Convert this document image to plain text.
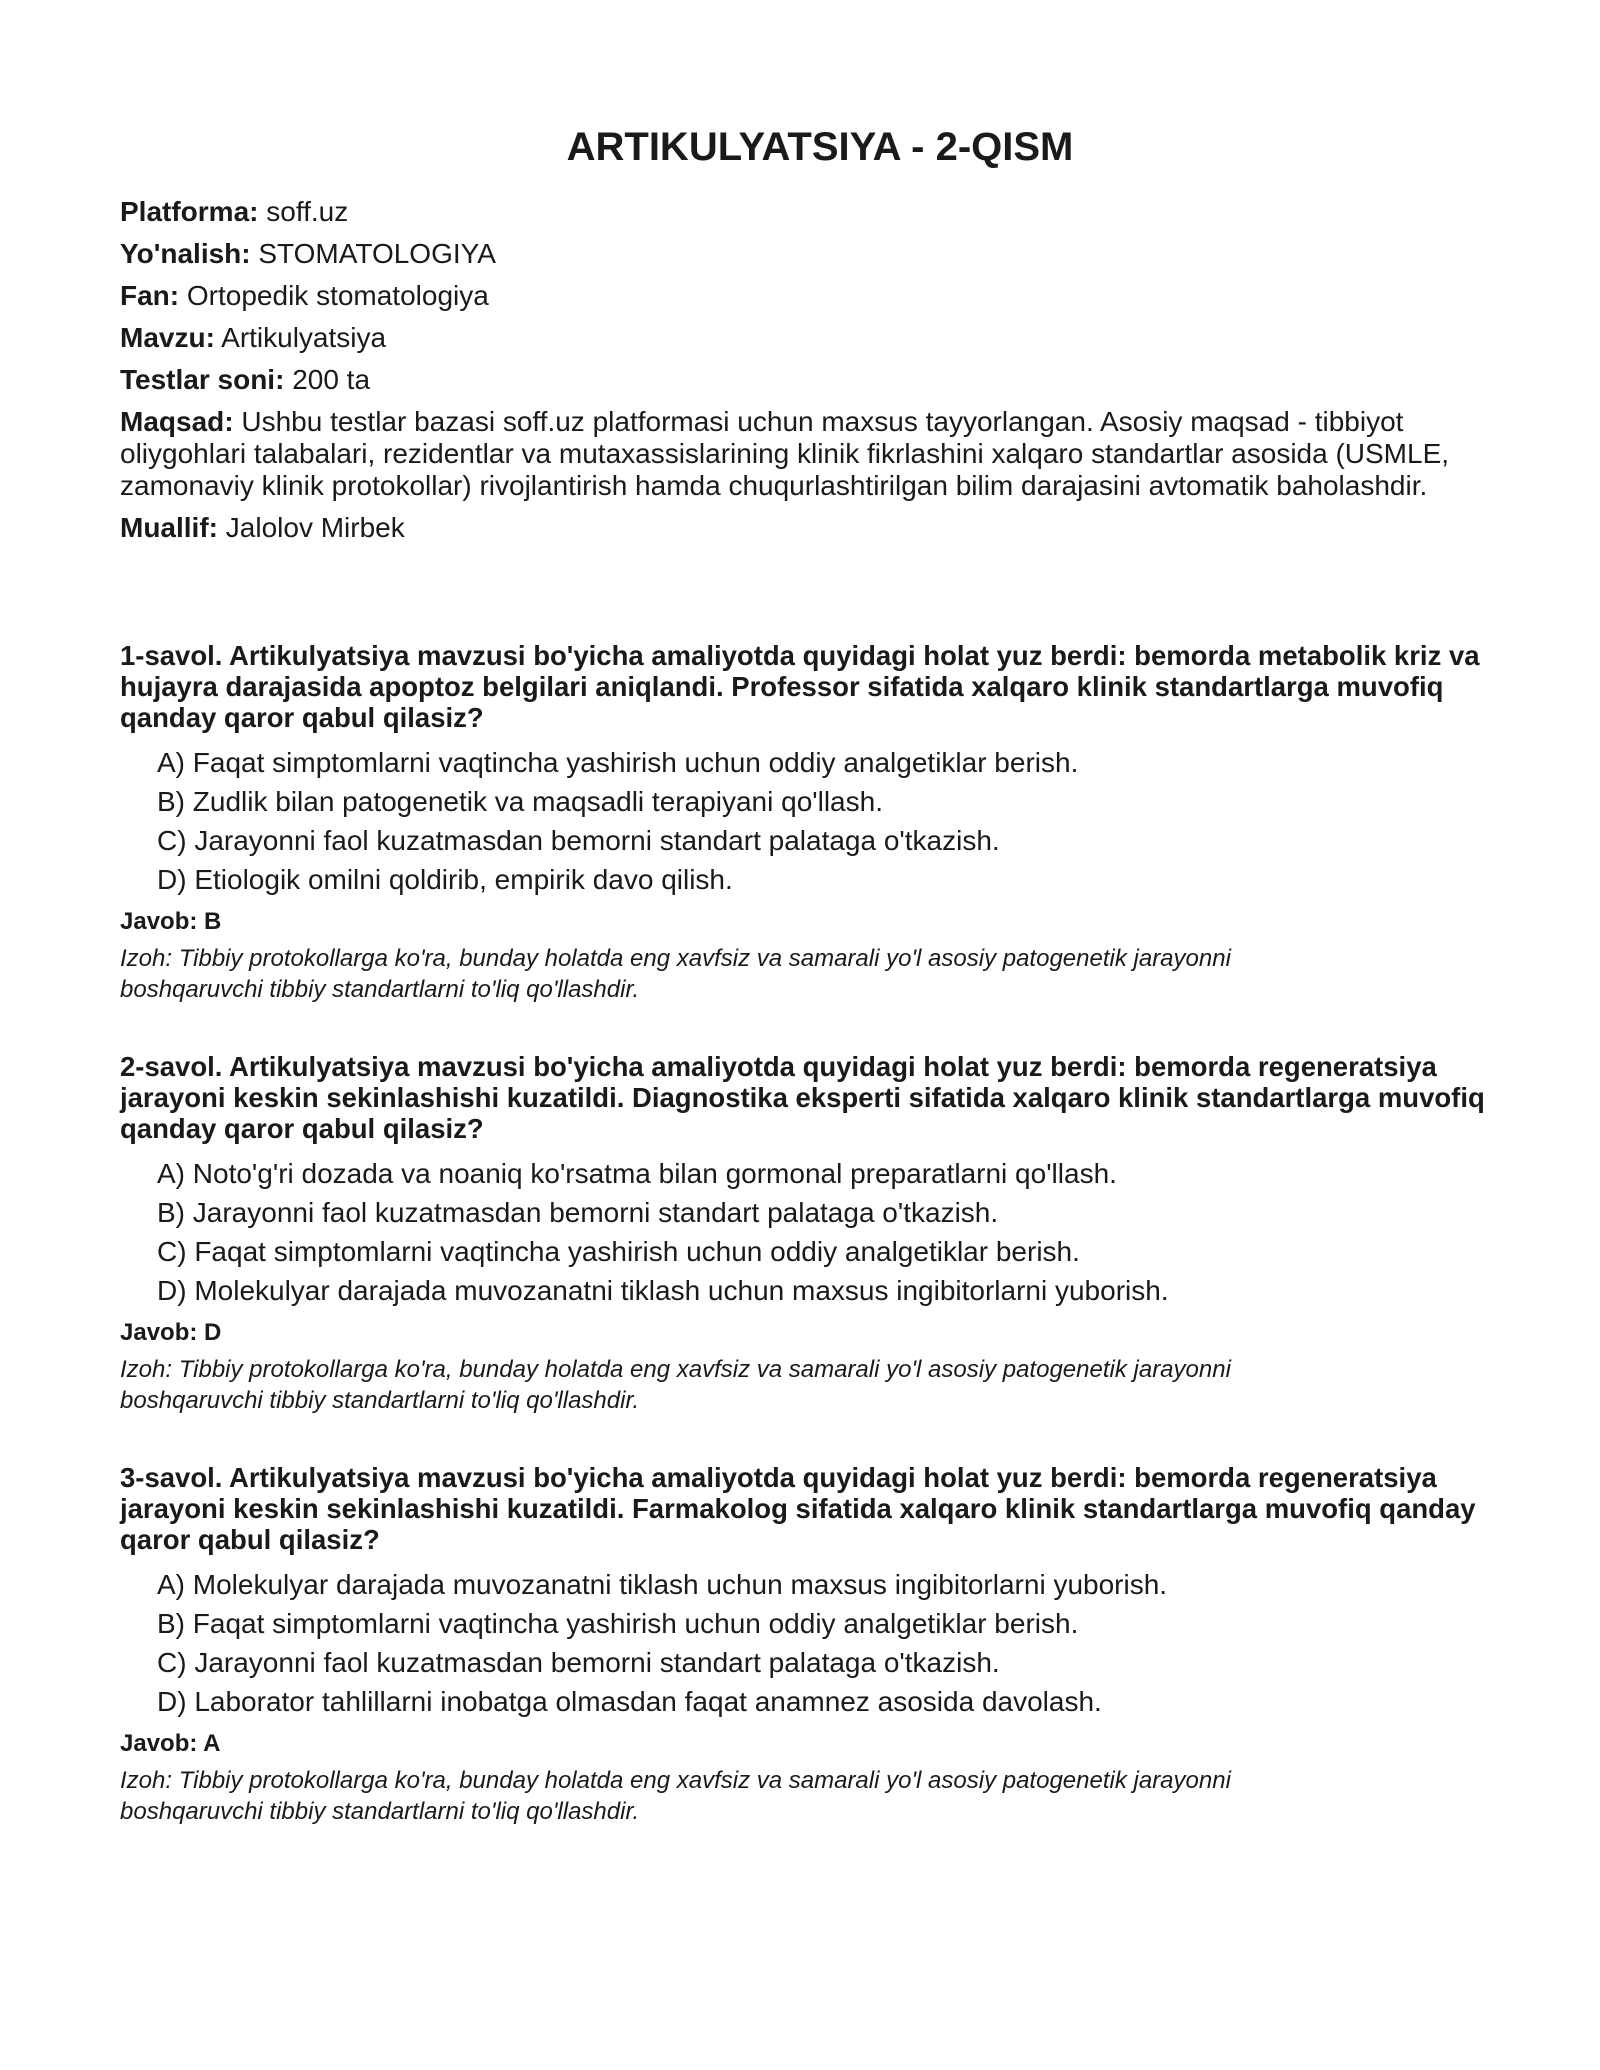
ARTIKULYATSIYA - 2-QISM

Platforma: soff.uz

Yo'nalish: STOMATOLOGIYA

Fan: Ortopedik stomatologiya

Mavzu: Artikulyatsiya

Testlar soni: 200 ta

Maqsad: Ushbu testlar bazasi soff.uz platformasi uchun maxsus tayyorlangan. Asosiy maqsad - tibbiyot oliygohlari talabalari, rezidentlar va mutaxassislarining klinik fikrlashini xalqaro standartlar asosida (USMLE, zamonaviy klinik protokollar) rivojlantirish hamda chuqurlashtirilgan bilim darajasini avtomatik baholashdir.

Muallif: Jalolov Mirbek

1-savol. Artikulyatsiya mavzusi bo'yicha amaliyotda quyidagi holat yuz berdi: bemorda metabolik kriz va hujayra darajasida apoptoz belgilari aniqlandi. Professor sifatida xalqaro klinik standartlarga muvofiq qanday qaror qabul qilasiz?

A) Faqat simptomlarni vaqtincha yashirish uchun oddiy analgetiklar berish.
B) Zudlik bilan patogenetik va maqsadli terapiyani qo'llash.
C) Jarayonni faol kuzatmasdan bemorni standart palataga o'tkazish.
D) Etiologik omilni qoldirib, empirik davo qilish.

Javob: B

Izoh: Tibbiy protokollarga ko'ra, bunday holatda eng xavfsiz va samarali yo'l asosiy patogenetik jarayonni boshqaruvchi tibbiy standartlarni to'liq qo'llashdir.

2-savol. Artikulyatsiya mavzusi bo'yicha amaliyotda quyidagi holat yuz berdi: bemorda regeneratsiya jarayoni keskin sekinlashishi kuzatildi. Diagnostika eksperti sifatida xalqaro klinik standartlarga muvofiq qanday qaror qabul qilasiz?

A) Noto'g'ri dozada va noaniq ko'rsatma bilan gormonal preparatlarni qo'llash.
B) Jarayonni faol kuzatmasdan bemorni standart palataga o'tkazish.
C) Faqat simptomlarni vaqtincha yashirish uchun oddiy analgetiklar berish.
D) Molekulyar darajada muvozanatni tiklash uchun maxsus ingibitorlarni yuborish.

Javob: D

Izoh: Tibbiy protokollarga ko'ra, bunday holatda eng xavfsiz va samarali yo'l asosiy patogenetik jarayonni boshqaruvchi tibbiy standartlarni to'liq qo'llashdir.

3-savol. Artikulyatsiya mavzusi bo'yicha amaliyotda quyidagi holat yuz berdi: bemorda regeneratsiya jarayoni keskin sekinlashishi kuzatildi. Farmakolog sifatida xalqaro klinik standartlarga muvofiq qanday qaror qabul qilasiz?

A) Molekulyar darajada muvozanatni tiklash uchun maxsus ingibitorlarni yuborish.
B) Faqat simptomlarni vaqtincha yashirish uchun oddiy analgetiklar berish.
C) Jarayonni faol kuzatmasdan bemorni standart palataga o'tkazish.
D) Laborator tahlillarni inobatga olmasdan faqat anamnez asosida davolash.

Javob: A

Izoh: Tibbiy protokollarga ko'ra, bunday holatda eng xavfsiz va samarali yo'l asosiy patogenetik jarayonni boshqaruvchi tibbiy standartlarni to'liq qo'llashdir.
